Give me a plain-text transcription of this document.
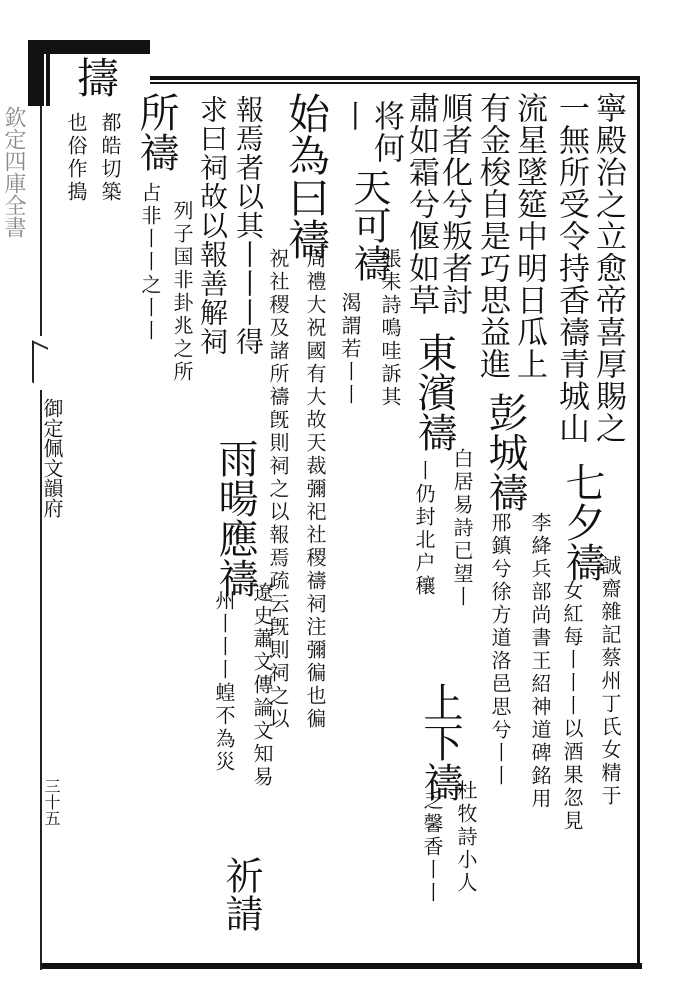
欽定四庫全書
御定佩文韻府
三十五
寧殿治之立愈帝喜厚賜之
誠齋雜記蔡州丁氏女精于
一無所受令持香禱青城山
七夕禱
女紅每丨丨丨以酒果忽見
流星墜筵中明日瓜上
有金梭自是巧思益進
彭城禱
李絳兵部尚書王紹神道碑銘用
邢鎮兮徐方道洛邑思兮丨丨
順者化兮叛者討
東濱禱
白居易詩已望丨
丨仍封北户穰
上下禱
杜牧詩小人
乏馨香丨丨
肅如霜兮偃如草
将何
張耒詩鳴哇訴其
丨
天可禱
渴謂若丨丨
始為曰禱
周禮大祝國有大故天裁彌祀社稷禱祠注彌徧也徧
祝社稷及諸所禱旣則祠之以報焉疏云旣則祠之以
雨暘應禱
遼史蕭文傳論文知易
州丨丨丨蝗不為災
祈請
報焉者以其丨丨丨得
求曰祠故以報善解祠
所禱
列子国非卦兆之所
占非丨丨之丨丨
擣
都皓切築
也俗作搗
